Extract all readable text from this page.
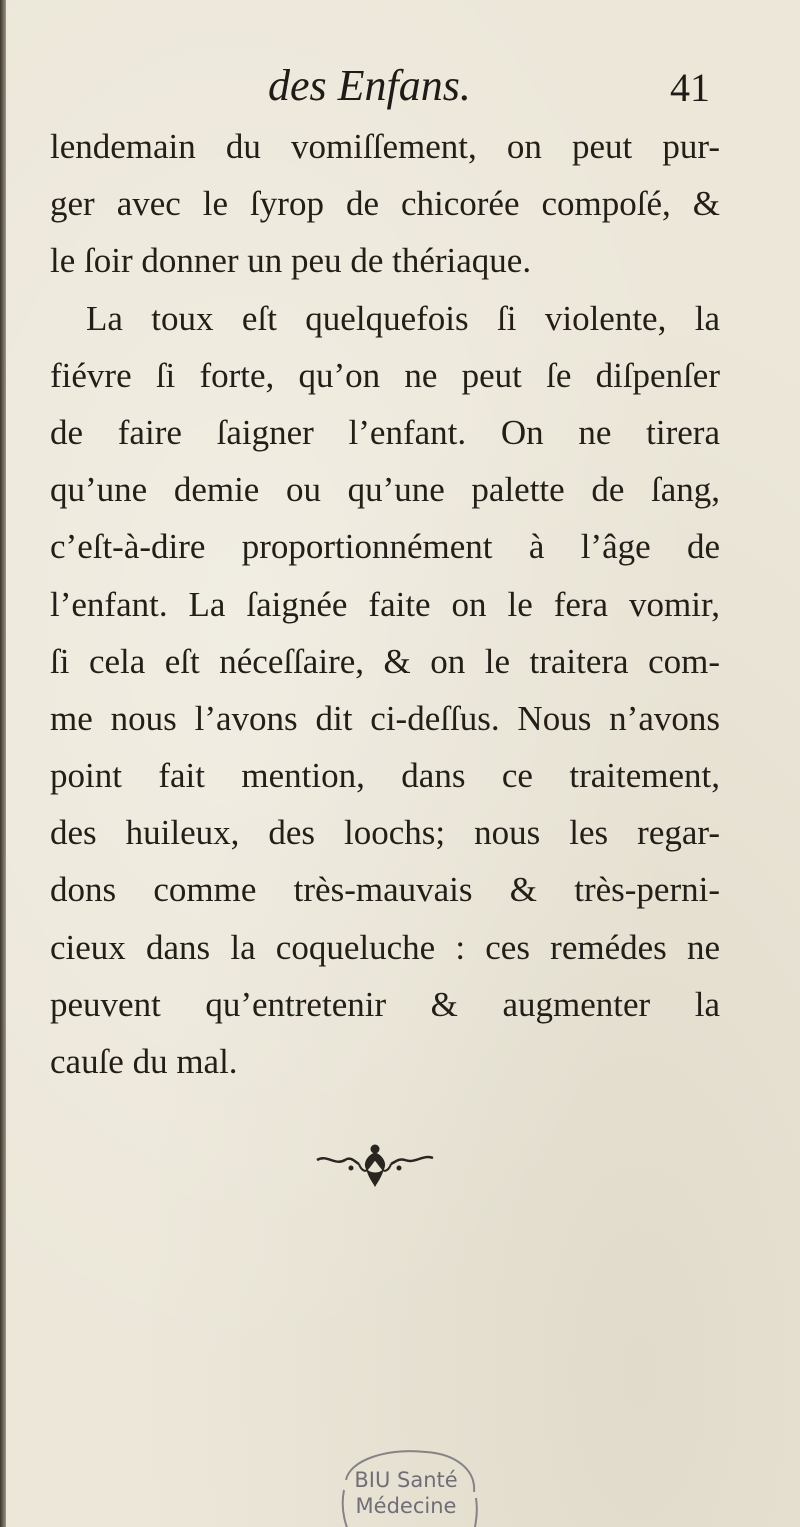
des Enfans.	41
lendemain du vomiſſement, on peut pur-
ger avec le ſyrop de chicorée compoſé, &
le ſoir donner un peu de thériaque.
La toux eſt quelquefois ſi violente, la
fiévre ſi forte, qu’on ne peut ſe diſpenſer
de faire ſaigner l’enfant. On ne tirera
qu’une demie ou qu’une palette de ſang,
c’eſt-à-dire proportionnément à l’âge de
l’enfant. La ſaignée faite on le fera vomir,
ſi cela eſt néceſſaire, & on le traitera com-
me nous l’avons dit ci-deſſus. Nous n’avons
point fait mention, dans ce traitement,
des huileux, des loochs; nous les regar-
dons comme très-mauvais & très-perni-
cieux dans la coqueluche : ces remédes ne
peuvent qu’entretenir & augmenter la
cauſe du mal.
BIU Santé
Médecine
